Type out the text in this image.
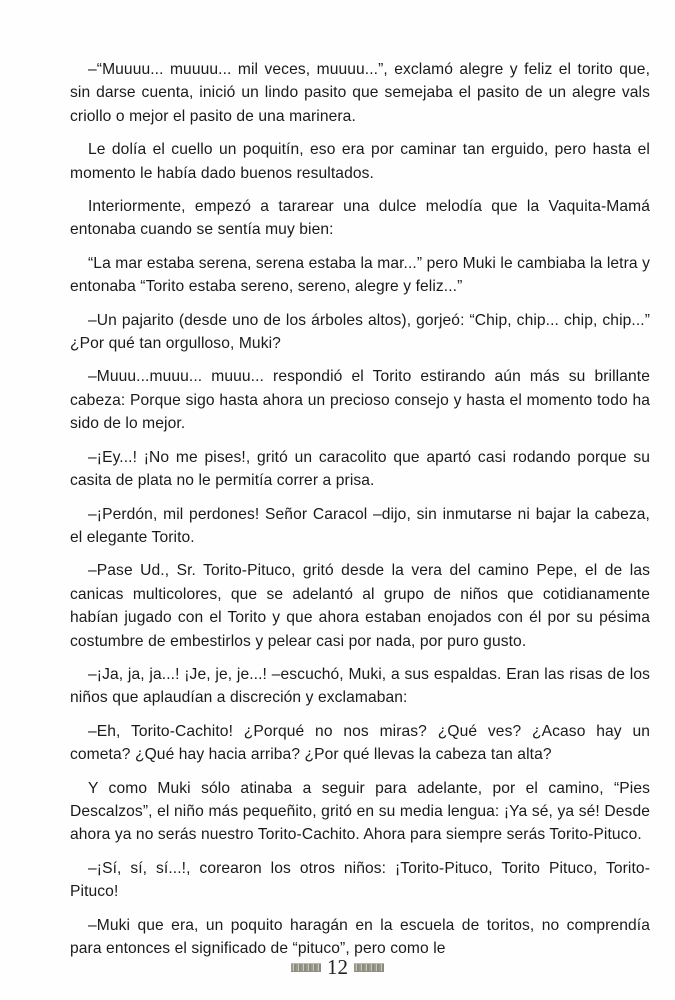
–“Muuuu... muuuu... mil veces, muuuu...”, exclamó alegre y feliz el torito que, sin darse cuenta, inició un lindo pasito que semejaba el pasito de un alegre vals criollo o mejor el pasito de una marinera.

Le dolía el cuello un poquitín, eso era por caminar tan erguido, pero hasta el momento le había dado buenos resultados.

Interiormente, empezó a tararear una dulce melodía que la Vaquita-Mamá entonaba cuando se sentía muy bien:

“La mar estaba serena, serena estaba la mar...” pero Muki le cambiaba la letra y entonaba “Torito estaba sereno, sereno, alegre y feliz...”

–Un pajarito (desde uno de los árboles altos), gorjeó: “Chip, chip... chip, chip...” ¿Por qué tan orgulloso, Muki?

–Muuu...muuu... muuu... respondió el Torito estirando aún más su brillante cabeza: Porque sigo hasta ahora un precioso consejo y hasta el momento todo ha sido de lo mejor.

–¡Ey...! ¡No me pises!, gritó un caracolito que apartó casi rodando porque su casita de plata no le permitía correr a prisa.

–¡Perdón, mil perdones! Señor Caracol –dijo, sin inmutarse ni bajar la cabeza, el elegante Torito.

–Pase Ud., Sr. Torito-Pituco, gritó desde la vera del camino Pepe, el de las canicas multicolores, que se adelantó al grupo de niños que cotidianamente habían jugado con el Torito y que ahora estaban enojados con él por su pésima costumbre de embestirlos y pelear casi por nada, por puro gusto.

–¡Ja, ja, ja...! ¡Je, je, je...! –escuchó, Muki, a sus espaldas. Eran las risas de los niños que aplaudían a discreción y exclamaban:

–Eh, Torito-Cachito! ¿Porqué no nos miras? ¿Qué ves? ¿Acaso hay un cometa? ¿Qué hay hacia arriba? ¿Por qué llevas la cabeza tan alta?

Y como Muki sólo atinaba a seguir para adelante, por el camino, “Pies Descalzos”, el niño más pequeñito, gritó en su media lengua: ¡Ya sé, ya sé! Desde ahora ya no serás nuestro Torito-Cachito. Ahora para siempre serás Torito-Pituco.

–¡Sí, sí, sí...!, corearon los otros niños: ¡Torito-Pituco, Torito Pituco, Torito-Pituco!

–Muki que era, un poquito haragán en la escuela de toritos, no comprendía para entonces el significado de “pituco”, pero como le

12
